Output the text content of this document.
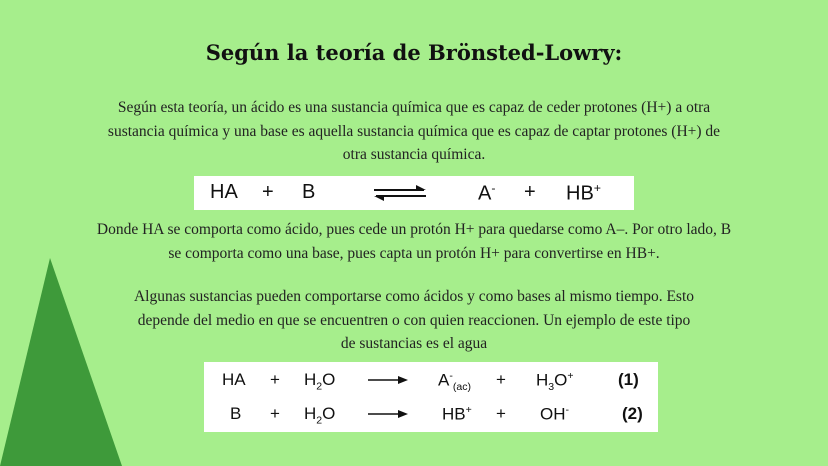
Según la teoría de Brönsted-Lowry:
Según esta teoría, un ácido es una sustancia química que es capaz de ceder protones (H+) a otra
sustancia química y una base es aquella sustancia química que es capaz de captar protones (H+) de
otra sustancia química.
HA + B	A- + HB+
Donde HA se comporta como ácido, pues cede un protón H+ para quedarse como A–. Por otro lado, B
se comporta como una base, pues capta un protón H+ para convertirse en HB+.
Algunas sustancias pueden comportarse como ácidos y como bases al mismo tiempo. Esto
depende del medio en que se encuentren o con quien reaccionen. Un ejemplo de este tipo
de sustancias es el agua
HA + $H_2O$	$A^-_{(ac)} + H_3O^+$	(1)
$B + H_2O$	HB+ + OH-	(2)
